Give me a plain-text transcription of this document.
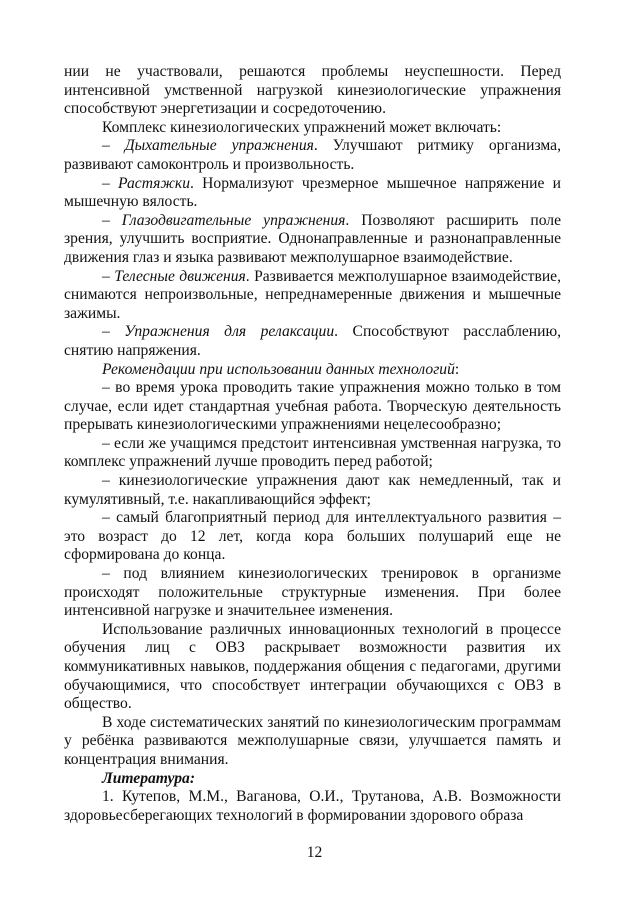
нии не участвовали, решаются проблемы неуспешности. Перед интенсивной умственной нагрузкой кинезиологические упражнения способствуют энергетизации и сосредоточению.

Комплекс кинезиологических упражнений может включать:

– Дыхательные упражнения. Улучшают ритмику организма, развивают самоконтроль и произвольность.

– Растяжки. Нормализуют чрезмерное мышечное напряжение и мышечную вялость.

– Глазодвигательные упражнения. Позволяют расширить поле зрения, улучшить восприятие. Однонаправленные и разнонаправленные движения глаз и языка развивают межполушарное взаимодействие.

– Телесные движения. Развивается межполушарное взаимодействие, снимаются непроизвольные, непреднамеренные движения и мышечные зажимы.

– Упражнения для релаксации. Способствуют расслаблению, снятию напряжения.

Рекомендации при использовании данных технологий:

– во время урока проводить такие упражнения можно только в том случае, если идет стандартная учебная работа. Творческую деятельность прерывать кинезиологическими упражнениями нецелесообразно;

– если же учащимся предстоит интенсивная умственная нагрузка, то комплекс упражнений лучше проводить перед работой;

– кинезиологические упражнения дают как немедленный, так и кумулятивный, т.е. накапливающийся эффект;

– самый благоприятный период для интеллектуального развития – это возраст до 12 лет, когда кора больших полушарий еще не сформирована до конца.

– под влиянием кинезиологических тренировок в организме происходят положительные структурные изменения. При более интенсивной нагрузке и значительнее изменения.

Использование различных инновационных технологий в процессе обучения лиц с ОВЗ раскрывает возможности развития их коммуникативных навыков, поддержания общения с педагогами, другими обучающимися, что способствует интеграции обучающихся с ОВЗ в общество.

В ходе систематических занятий по кинезиологическим программам у ребёнка развиваются межполушарные связи, улучшается память и концентрация внимания.

Литература:

1. Кутепов, М.М., Ваганова, О.И., Трутанова, А.В. Возможности здоровьесберегающих технологий в формировании здорового образа

12
